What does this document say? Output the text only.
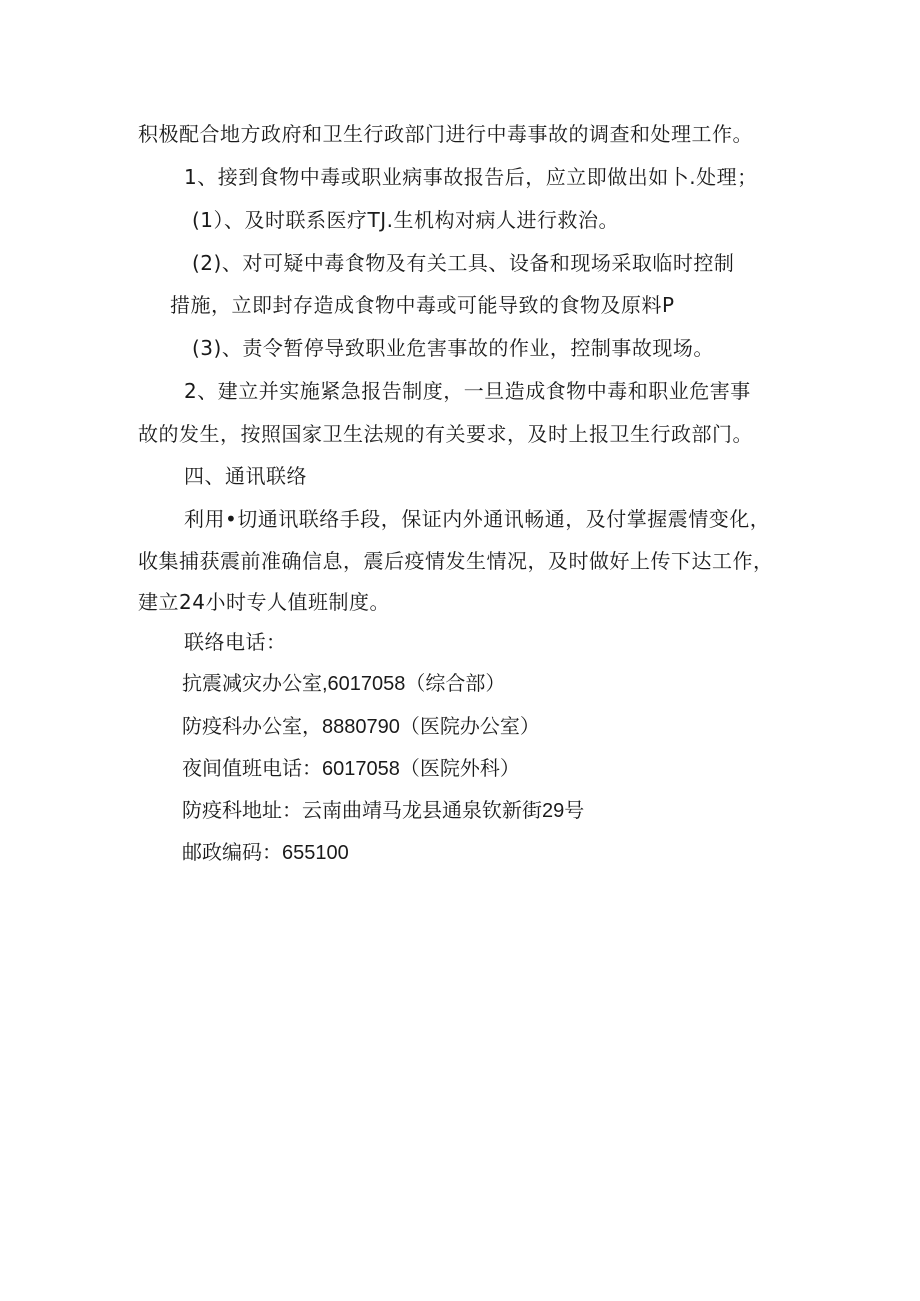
积极配合地方政府和卫生行政部门进行中毒事故的调查和处理工作。
1、接到食物中毒或职业病事故报告后，应立即做出如卜.处理；
(1）、及时联系医疗TJ.生机构对病人进行救治。
(2)、对可疑中毒食物及有关工具、设备和现场采取临时控制
措施，立即封存造成食物中毒或可能导致的食物及原料P
(3)、责令暂停导致职业危害事故的作业，控制事故现场。
2、建立并实施紧急报告制度，一旦造成食物中毒和职业危害事
故的发生，按照国家卫生法规的有关要求，及时上报卫生行政部门。
四、通讯联络
利用•切通讯联络手段，保证内外通讯畅通，及付掌握震情变化，
收集捕获震前准确信息，震后疫情发生情况，及时做好上传下达工作，
建立24小时专人值班制度。
联络电话：
抗震减灾办公室,6017058（综合部）
防疫科办公室，8880790（医院办公室）
夜间值班电话：6017058（医院外科）
防疫科地址：云南曲靖马龙县通泉钦新街29号
邮政编码：655100
